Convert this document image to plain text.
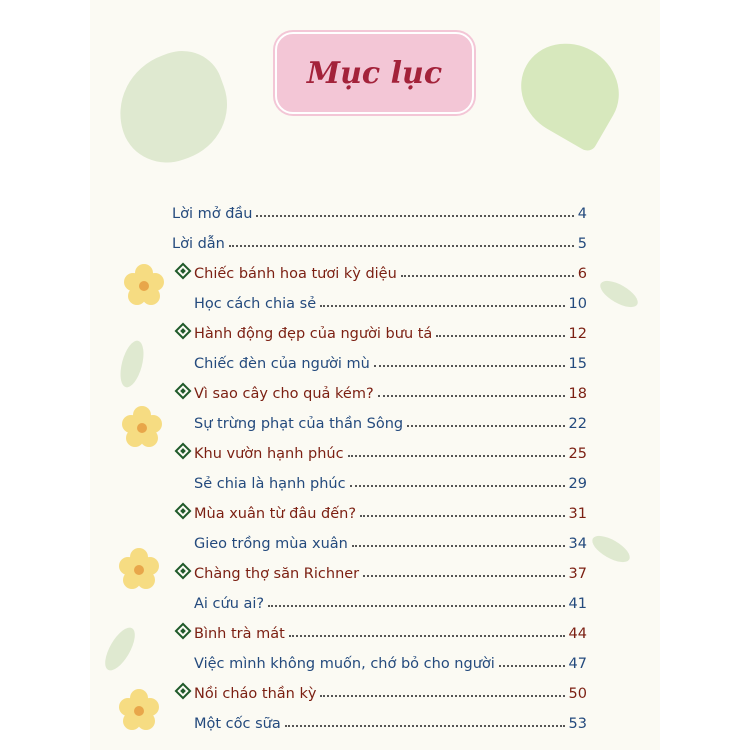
Mục lục
Lời mở đầu	4
Lời dẫn	5
Chiếc bánh hoa tươi kỳ diệu	6
Học cách chia sẻ	10
Hành động đẹp của người bưu tá	12
Chiếc đèn của người mù	15
Vì sao cây cho quả kém?	18
Sự trừng phạt của thần Sông	22
Khu vườn hạnh phúc	25
Sẻ chia là hạnh phúc	29
Mùa xuân từ đâu đến?	31
Gieo trồng mùa xuân	34
Chàng thợ săn Richner	37
Ai cứu ai?	41
Bình trà mát	44
Việc mình không muốn, chớ bỏ cho người	47
Nồi cháo thần kỳ	50
Một cốc sữa	53
